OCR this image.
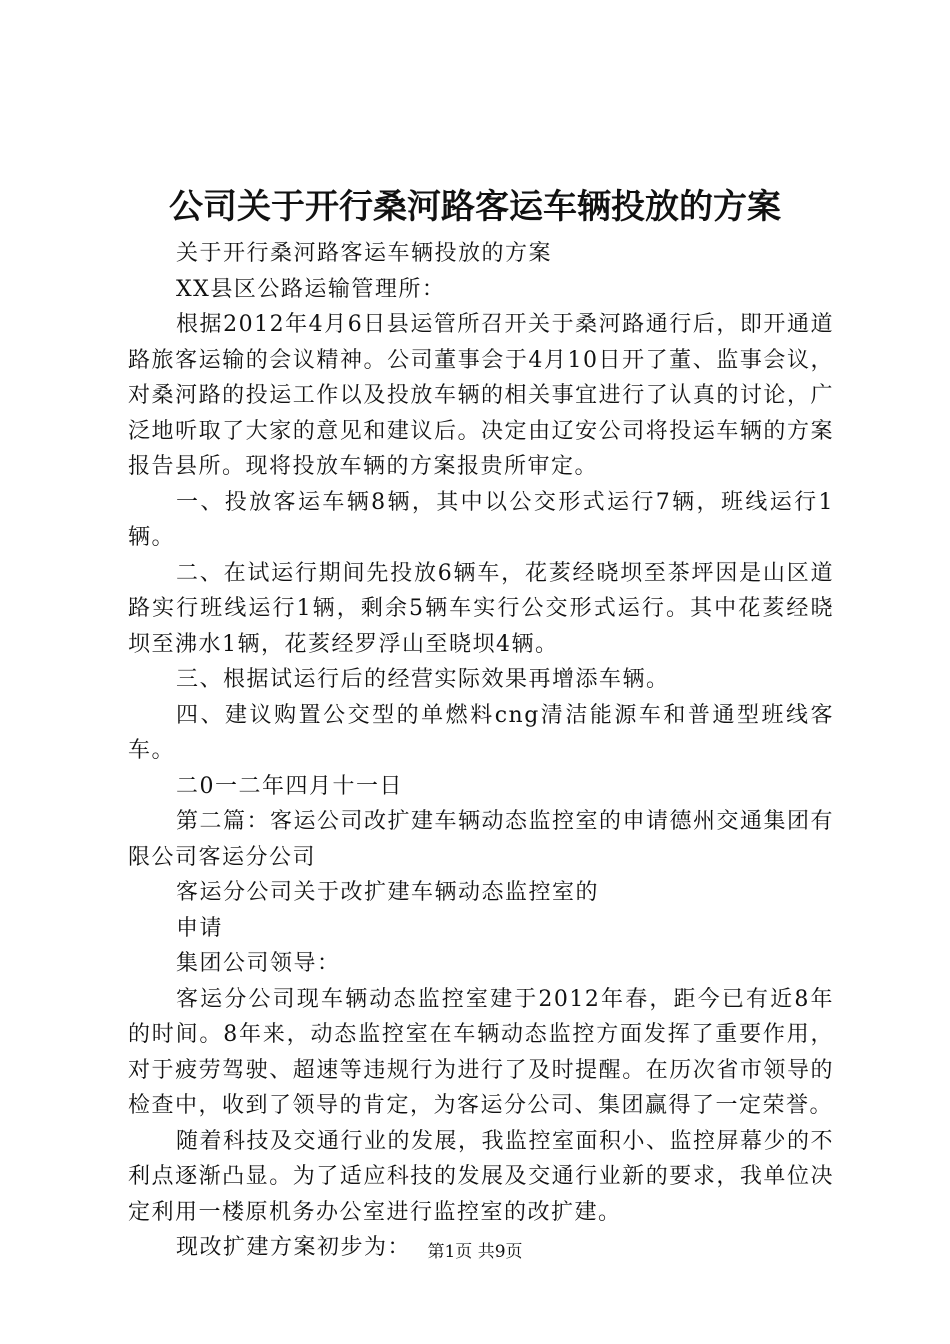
公司关于开行桑河路客运车辆投放的方案

关于开行桑河路客运车辆投放的方案

XX县区公路运输管理所：

根据2012年4月6日县运管所召开关于桑河路通行后，即开通道路旅客运输的会议精神。公司董事会于4月10日开了董、监事会议，对桑河路的投运工作以及投放车辆的相关事宜进行了认真的讨论，广泛地听取了大家的意见和建议后。决定由辽安公司将投运车辆的方案报告县所。现将投放车辆的方案报贵所审定。

一、投放客运车辆8辆，其中以公交形式运行7辆，班线运行1辆。

二、在试运行期间先投放6辆车，花荄经晓坝至茶坪因是山区道路实行班线运行1辆，剩余5辆车实行公交形式运行。其中花荄经晓坝至沸水1辆，花荄经罗浮山至晓坝4辆。

三、根据试运行后的经营实际效果再增添车辆。

四、建议购置公交型的单燃料cng清洁能源车和普通型班线客车。

二0一二年四月十一日

第二篇：客运公司改扩建车辆动态监控室的申请德州交通集团有限公司客运分公司

客运分公司关于改扩建车辆动态监控室的

申请

集团公司领导：

客运分公司现车辆动态监控室建于2012年春，距今已有近8年的时间。8年来，动态监控室在车辆动态监控方面发挥了重要作用，对于疲劳驾驶、超速等违规行为进行了及时提醒。在历次省市领导的检查中，收到了领导的肯定，为客运分公司、集团赢得了一定荣誉。

随着科技及交通行业的发展，我监控室面积小、监控屏幕少的不利点逐渐凸显。为了适应科技的发展及交通行业新的要求，我单位决定利用一楼原机务办公室进行监控室的改扩建。

现改扩建方案初步为： 第1页 共9页
